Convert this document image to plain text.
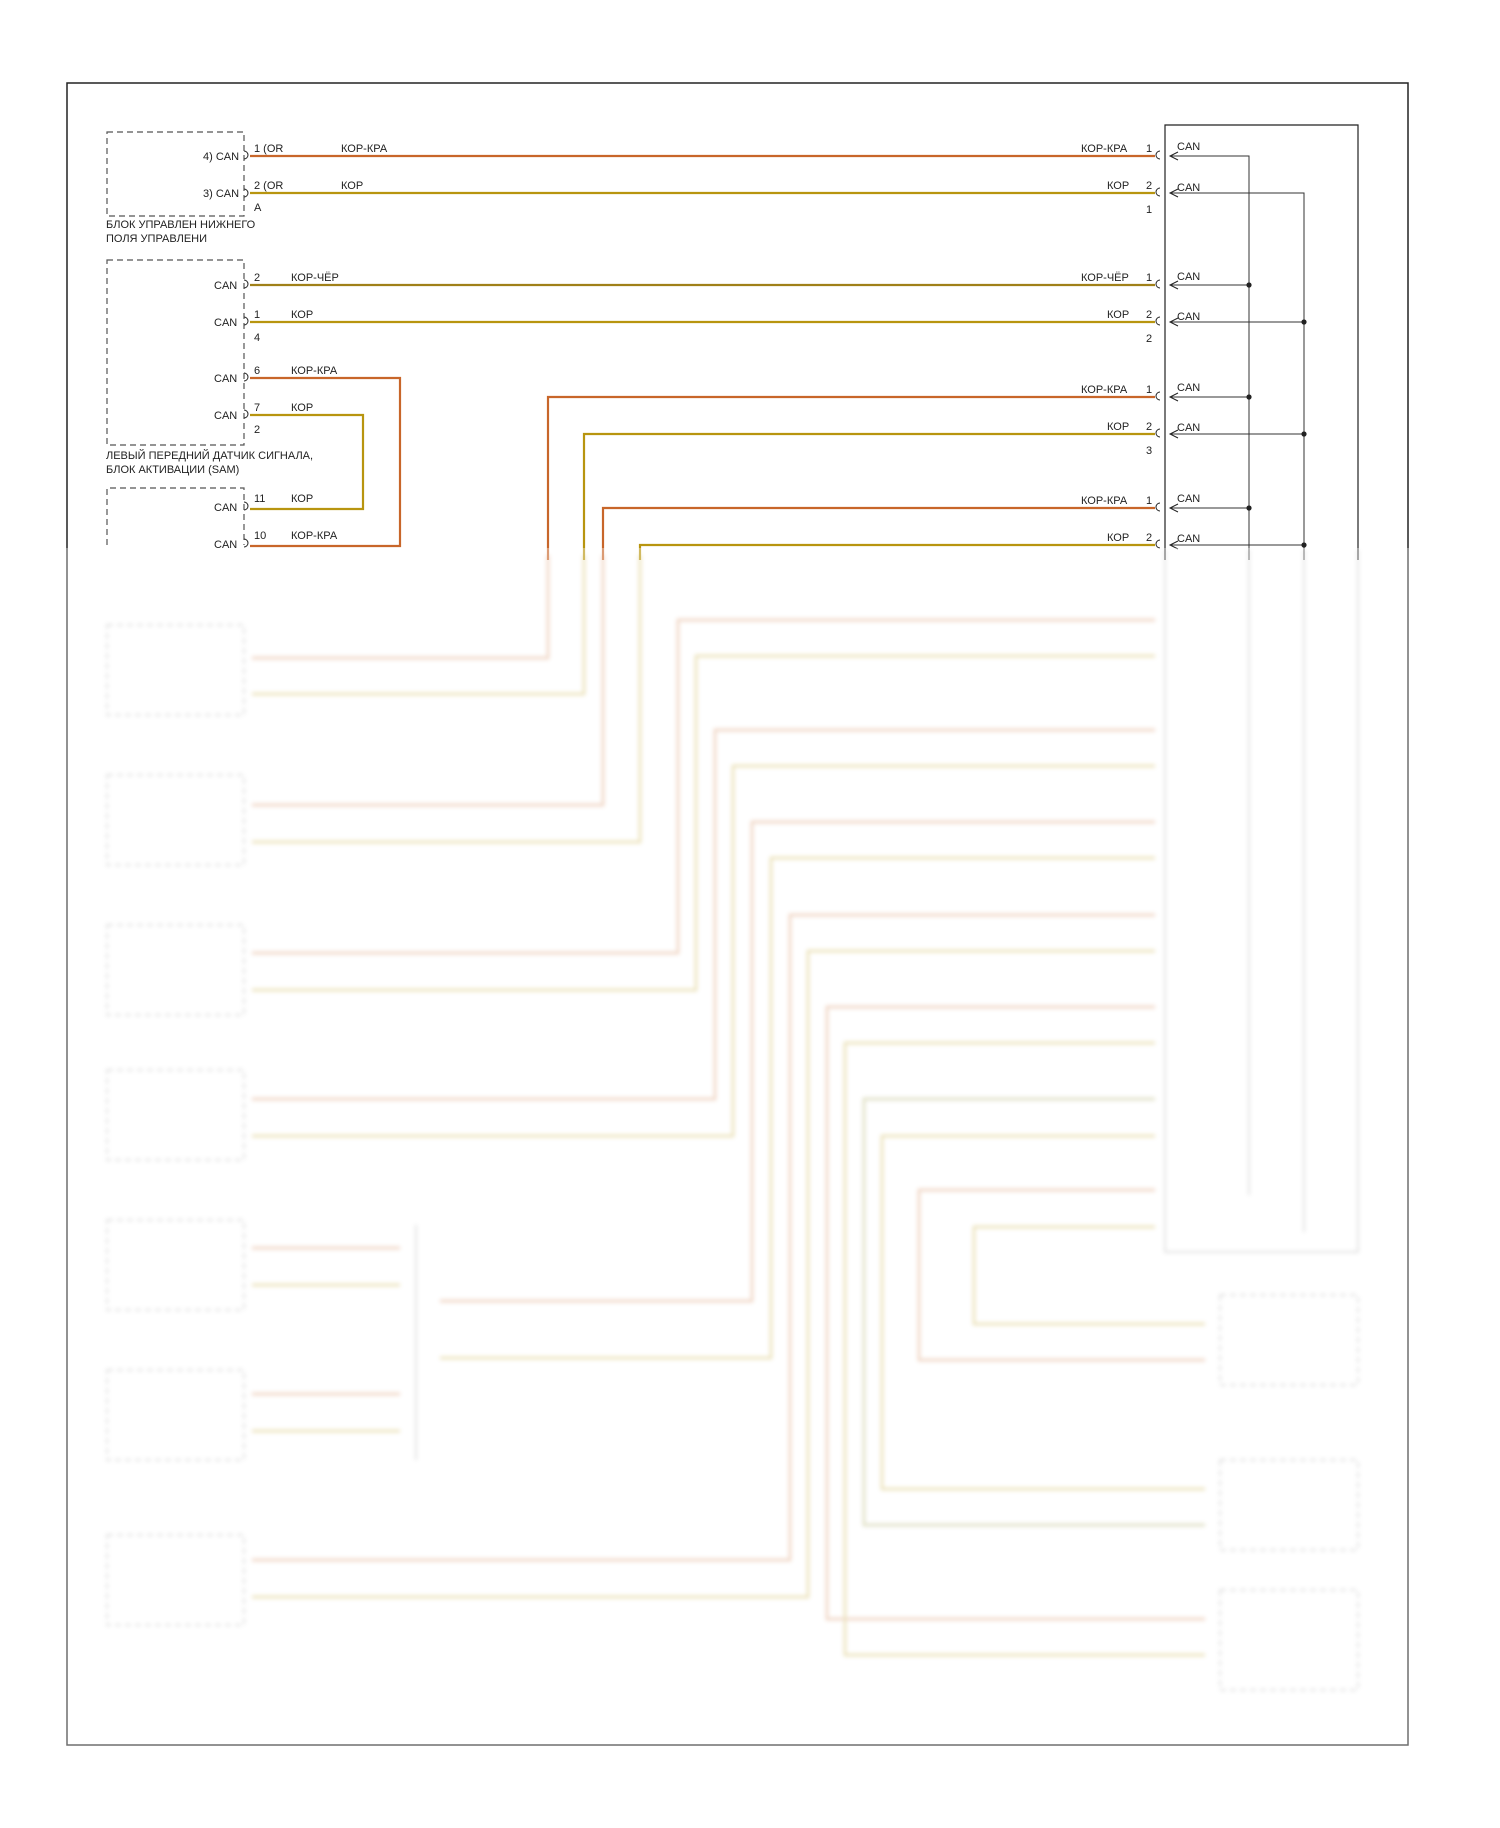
4) CAN
3) CAN
1 (OR
2 (OR
A
БЛОК УПРАВЛЕН НИЖНЕГО
ПОЛЯ УПРАВЛЕНИ
CAN
CAN
CAN
CAN
2
1
4
6
7
2
ЛЕВЫЙ ПЕРЕДНИЙ ДАТЧИК СИГНАЛА,
БЛОК АКТИВАЦИИ (SAM)
CAN
CAN
11
10
КОР-КРА
КОР
КОР-ЧЁР
КОР
КОР-КРА
КОР
КОР
КОР-КРА
КОР-КРА
КОР
КОР-ЧЁР
КОР
КОР-КРА
КОР
КОР-КРА
КОР
1
2
1
1
2
2
1
2
3
1
2
CAN
CAN
CAN
CAN
CAN
CAN
CAN
CAN
